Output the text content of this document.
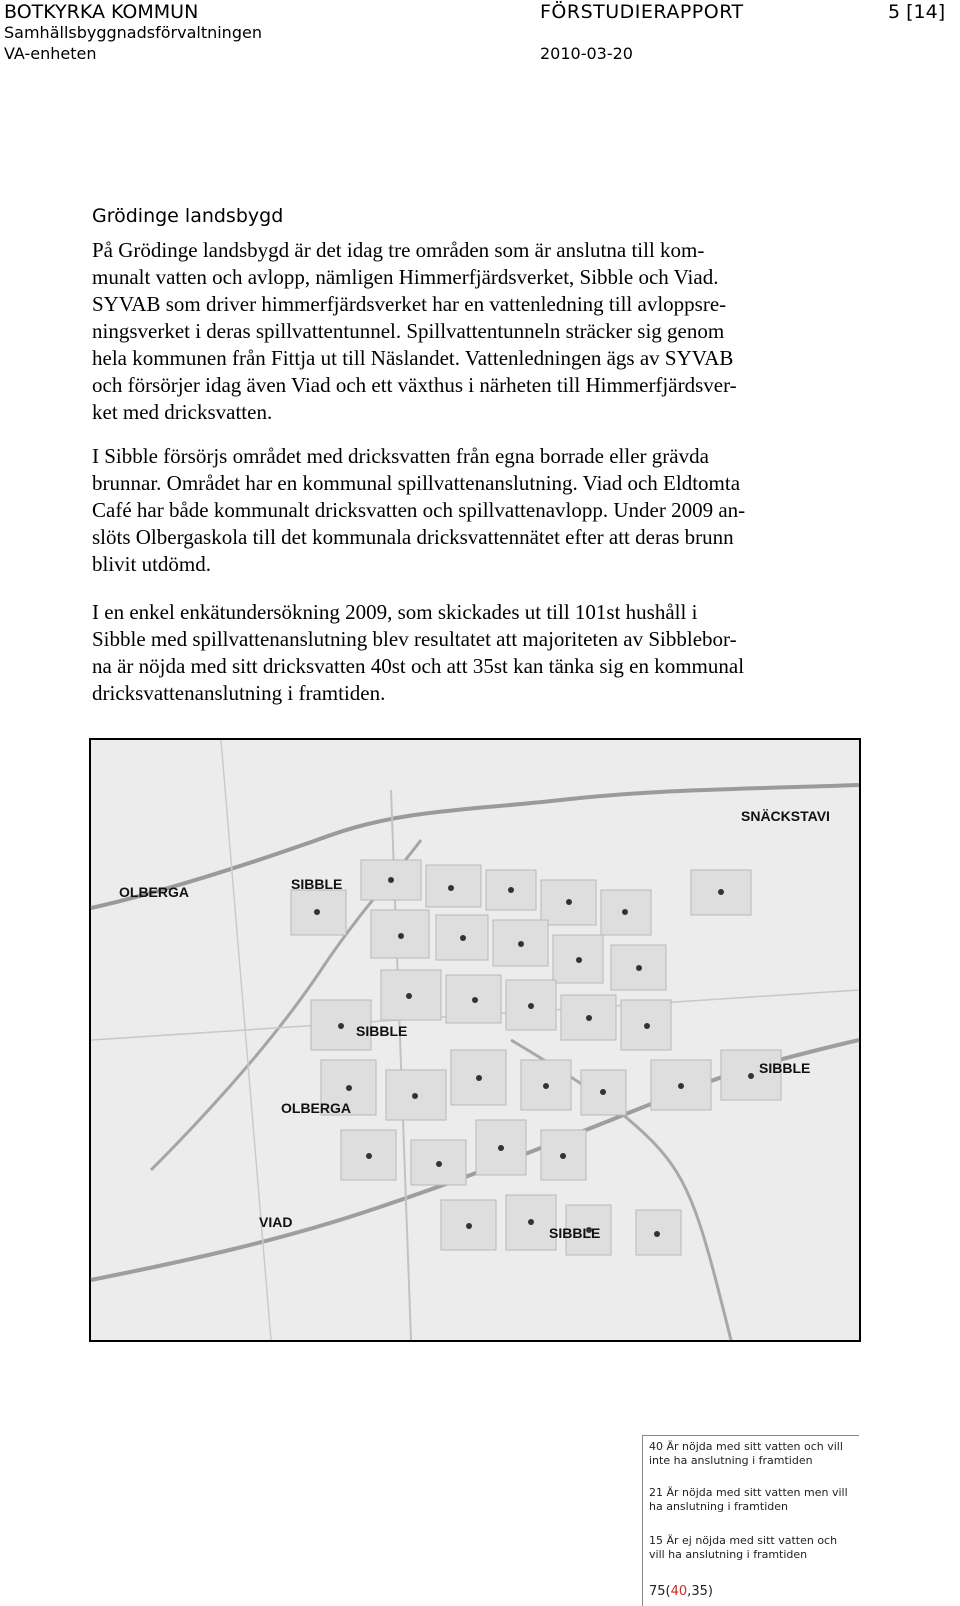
BOTKYRKA KOMMUN
Samhällsbyggnadsförvaltningen
VA-enheten
FÖRSTUDIERAPPORT
2010-03-20
5 [14]
Grödinge landsbygd
På Grödinge landsbygd är det idag tre områden som är anslutna till kom-
munalt vatten och avlopp, nämligen Himmerfjärdsverket, Sibble och Viad.
SYVAB som driver himmerfjärdsverket har en vattenledning till avloppsre-
ningsverket i deras spillvattentunnel. Spillvattentunneln sträcker sig genom
hela kommunen från Fittja ut till Näslandet. Vattenledningen ägs av SYVAB
och försörjer idag även Viad och ett växthus i närheten till Himmerfjärdsver-
ket med dricksvatten.
I Sibble försörjs området med dricksvatten från egna borrade eller grävda
brunnar. Området har en kommunal spillvattenanslutning. Viad och Eldtomta
Café har både kommunalt dricksvatten och spillvattenavlopp. Under 2009 an-
slöts Olbergaskola till det kommunala dricksvattennätet efter att deras brunn
blivit utdömd.
I en enkel enkätundersökning 2009, som skickades ut till 101st hushåll i
Sibble med spillvattenanslutning blev resultatet att majoriteten av Sibblebor-
na är nöjda med sitt dricksvatten 40st och att 35st kan tänka sig en kommunal
dricksvattenanslutning i framtiden.
SNÄCKSTAVI
OLBERGA	SIBBLE
SIBBLE
SIBBLE
OLBERGA
VIAD
SIBBLE
40 Är nöjda med sitt vatten och vill inte ha anslutning i framtiden
21 Är nöjda med sitt vatten men vill ha anslutning i framtiden
15 Är ej nöjda med sitt vatten och vill ha anslutning i framtiden
75(40,35)
